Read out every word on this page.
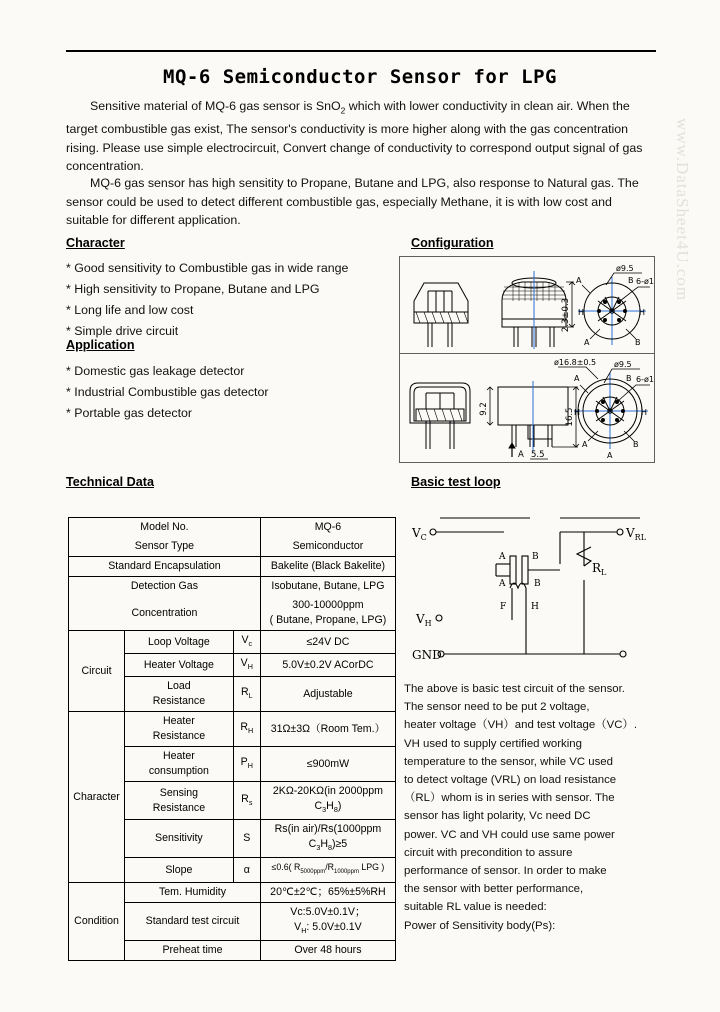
MQ-6 Semiconductor Sensor for LPG
Sensitive material of MQ-6 gas sensor is SnO$_2$ which with lower conductivity in clean air. When the target combustible gas exist, The sensor's conductivity is more higher along with the gas concentration rising. Please use simple electrocircuit, Convert change of conductivity to correspond output signal of gas concentration.
MQ-6 gas sensor has high sensitity to Propane, Butane and LPG, also response to Natural gas. The sensor could be used to detect different combustible gas, especially Methane, it is with low cost and suitable for different application.
Character
* Good sensitivity to Combustible gas in wide range
* High sensitivity to Propane, Butane and LPG
* Long life and low cost
* Simple drive circuit
Application
* Domestic gas leakage detector
* Industrial Combustible gas detector
* Portable gas detector
Configuration
2.3±0.3
ø9.5
6-ø1
A	B
H	H
A	B
9.2	16.5
A 5.5
ø16.8±0.5 ø9.5
6-ø1
A	B
H	H
A	B
A
Technical Data
Model No.			MQ-6
Sensor Type			Semiconductor
Standard Encapsulation			Bakelite (Black Bakelite)
Detection Gas			Isobutane, Butane, LPG
Concentration			300-10000ppm
( Butane, Propane, LPG)

Circuit	Loop Voltage	$V_c$	≤24V DC
	Heater Voltage	$V_H$	5.0V±0.2V ACorDC

	Load
Resistance	$R_L$	Adjustable
Character	Heater
Resistance	$R_H$	31Ω±3Ω（Room Tem.）

	Heater
consumption	$P_H$	≤900mW

	Sensing
Resistance	$R_s$	2KΩ-20KΩ(in 2000ppm $C_3H_8$)
	Sensitivity	S	Rs(in air)/Rs(1000ppm $C_3H_8)\ge 5$
	Slope	α	≤0.6( $R_{5000ppm}/R_{1000ppm}$ LPG )
Condition	Tem. Humidity		20℃±2℃；65%±5%RH
	Standard test circuit		Vc:5.0V±0.1V；
$V_H$: 5.0V±0.1V

	Preheat time		Over 48 hours
Basic test loop
$V_C$	$V_{RL}$
$V_H$
GND
$R_L$
A	B
A	B
F	H
The above is basic test circuit of the sensor.
The sensor need to be put 2 voltage,
heater voltage（VH）and test voltage（VC）.
VH used to supply certified working
temperature to the sensor, while VC used
to detect voltage (VRL) on load resistance
（RL）whom is in series with sensor. The
sensor has light polarity, Vc need DC
power. VC and VH could use same power
circuit with precondition to assure
performance of sensor. In order to make
the sensor with better performance,
suitable RL value is needed:
Power of Sensitivity body(Ps):
www.DataSheet4U.com
